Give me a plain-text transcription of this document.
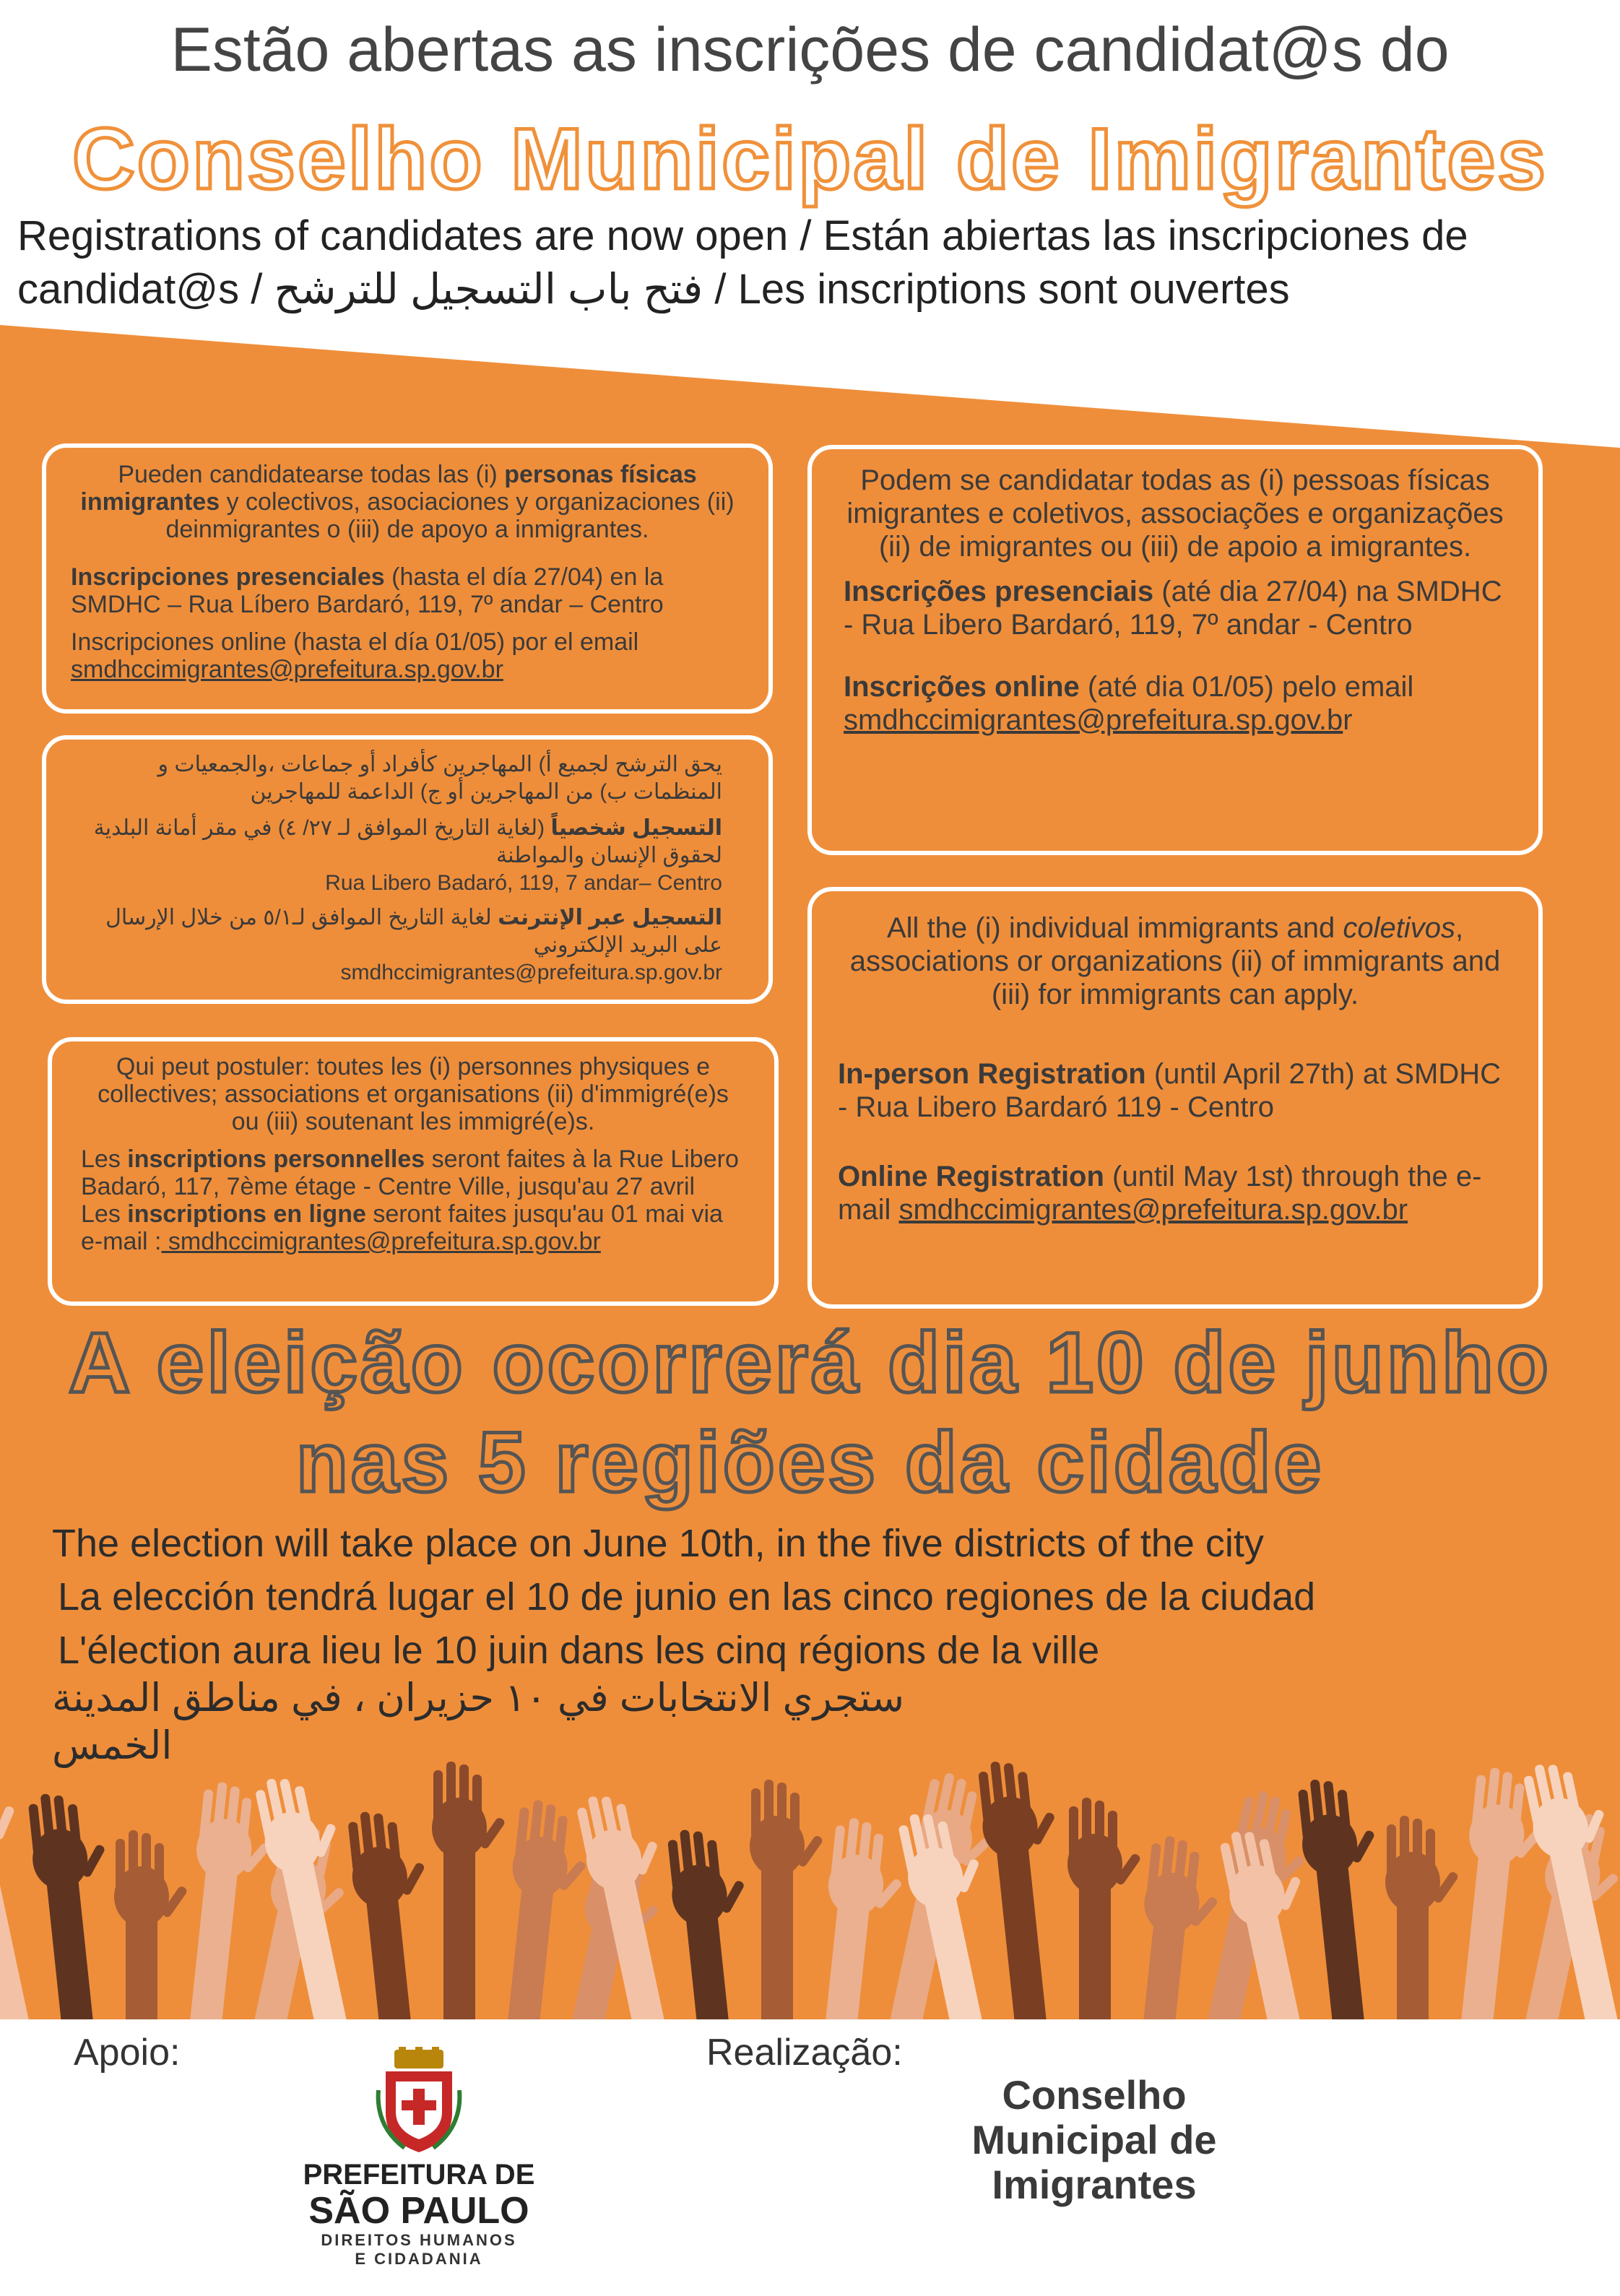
Estão abertas as inscrições de candidat@s do
Conselho Municipal de Imigrantes
Registrations of candidates are now open / Están abiertas las inscripciones de
candidat@s / فتح باب التسجيل للترشح / Les inscriptions sont ouvertes

Pueden candidatearse todas las (i) personas físicas inmigrantes y colectivos, asociaciones y organizaciones (ii) deinmigrantes o (iii) de apoyo a inmigrantes.

Inscripciones presenciales (hasta el día 27/04) en la SMDHC – Rua Líbero Bardaró, 119, 7º andar – Centro

Inscripciones online (hasta el día 01/05) por el email

smdhccimigrantes@prefeitura.sp.gov.br

يحق الترشح لجميع أ) المهاجرين كأفراد أو جماعات ،والجمعيات و المنظمات ب) من المهاجرين أو ج) الداعمة للمهاجرين

التسجيل شخصياً (لغاية التاريخ الموافق لـ ٢٧/ ٤) في مقر أمانة البلدية لحقوق الإنسان والمواطنة

Rua Libero Badaró, 119, 7 andar– Centro

التسجيل عبر الإنترنت لغاية التاريخ الموافق لـ٥/١ من خلال الإرسال على البريد الإلكتروني

smdhccimigrantes@prefeitura.sp.gov.br

Qui peut postuler: toutes les (i) personnes physiques e collectives; associations et organisations (ii) d'immigré(e)s ou (iii) soutenant les immigré(e)s.

Les inscriptions personnelles seront faites à la Rue Libero Badaró, 117, 7ème étage - Centre Ville, jusqu'au 27 avril

Les inscriptions en ligne seront faites jusqu'au 01 mai via e-mail : smdhccimigrantes@prefeitura.sp.gov.br

Podem se candidatar todas as (i) pessoas físicas imigrantes e coletivos, associações e organizações (ii) de imigrantes ou (iii) de apoio a imigrantes.

Inscrições presenciais (até dia 27/04) na SMDHC - Rua Libero Bardaró, 119, 7º andar - Centro

Inscrições online (até dia 01/05) pelo email

smdhccimigrantes@prefeitura.sp.gov.br

All the (i) individual immigrants and coletivos, associations or organizations (ii) of immigrants and (iii) for immigrants can apply.

In-person Registration (until April 27th) at SMDHC - Rua Libero Bardaró 119 - Centro

Online Registration (until May 1st) through the e-mail smdhccimigrantes@prefeitura.sp.gov.br

A eleição ocorrerá dia 10 de junho
nas 5 regiões da cidade
The election will take place on June 10th, in the five districts of the city
La elección tendrá lugar el 10 de junio en las cinco regiones de la ciudad
L'élection aura lieu le 10 juin dans les cinq régions de la ville
ستجري الانتخابات في ١٠ حزيران ، في مناطق المدينة الخمس
Apoio:	Realização:
PREFEITURA DE
SÃO PAULO
DIREITOS HUMANOS
E CIDADANIA
Conselho
Municipal de
Imigrantes
